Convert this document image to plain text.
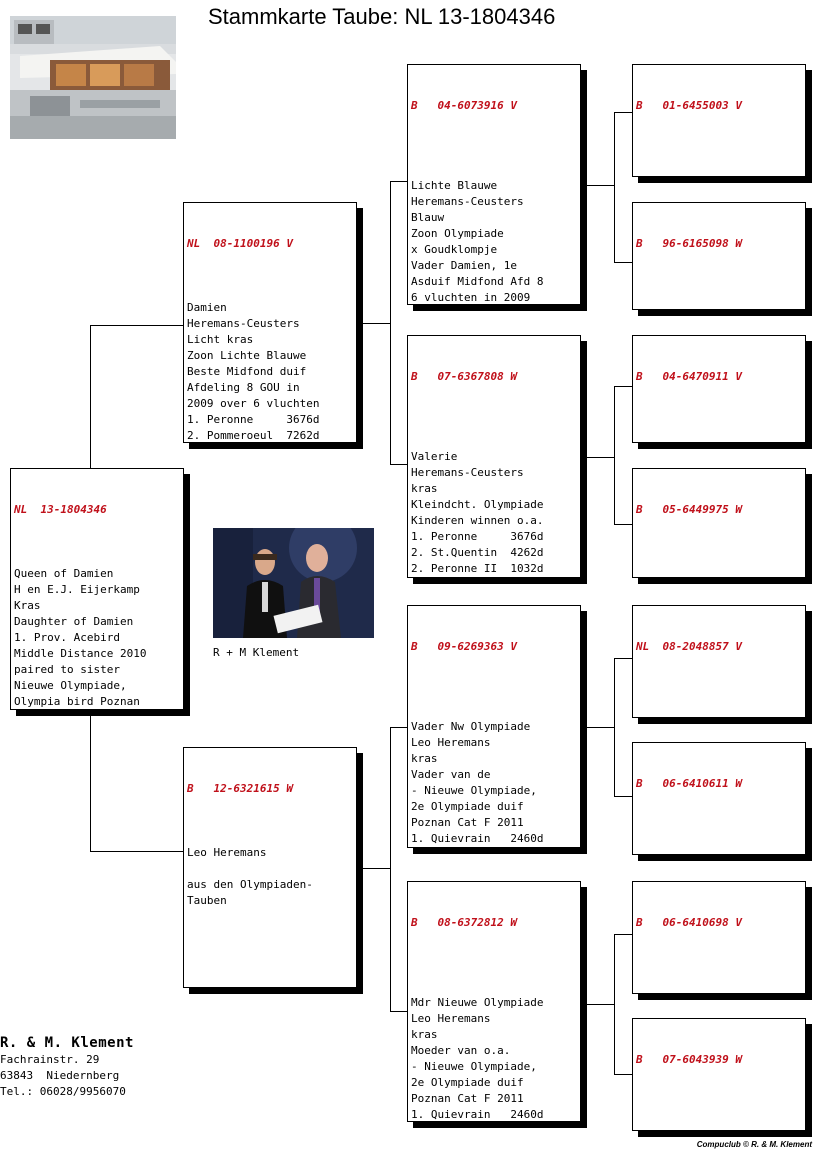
Stammkarte Taube: NL 13-1804346
R + M Klement

NL  13-1804346

Queen of Damien
H en E.J. Eijerkamp
Kras
Daughter of Damien
1. Prov. Acebird
Middle Distance 2010
paired to sister
Nieuwe Olympiade,
Olympia bird Poznan

NL  08-1100196 V

Damien
Heremans-Ceusters
Licht kras
Zoon Lichte Blauwe
Beste Midfond duif
Afdeling 8 GOU in
2009 over 6 vluchten
1. Peronne     3676d
2. Pommeroeul  7262d

B   12-6321615 W

Leo Heremans

aus den Olympiaden-
Tauben

B   04-6073916 V

Lichte Blauwe
Heremans-Ceusters
Blauw
Zoon Olympiade
x Goudklompje
Vader Damien, 1e
Asduif Midfond Afd 8
6 vluchten in 2009

B   07-6367808 W

Valerie
Heremans-Ceusters
kras
Kleindcht. Olympiade
Kinderen winnen o.a.
1. Peronne     3676d
2. St.Quentin  4262d
2. Peronne II  1032d

B   09-6269363 V

Vader Nw Olympiade
Leo Heremans
kras
Vader van de
- Nieuwe Olympiade,
2e Olympiade duif
Poznan Cat F 2011
1. Quievrain   2460d

B   08-6372812 W

Mdr Nieuwe Olympiade
Leo Heremans
kras
Moeder van o.a.
- Nieuwe Olympiade,
2e Olympiade duif
Poznan Cat F 2011
1. Quievrain   2460d

B   01-6455003 V

B   96-6165098 W

B   04-6470911 V

B   05-6449975 W

NL  08-2048857 V

B   06-6410611 W

B   06-6410698 V

B   07-6043939 W

R. & M. Klement
Fachrainstr. 29
63843  Niedernberg
Tel.: 06028/9956070
Compuclub © R. & M. Klement
